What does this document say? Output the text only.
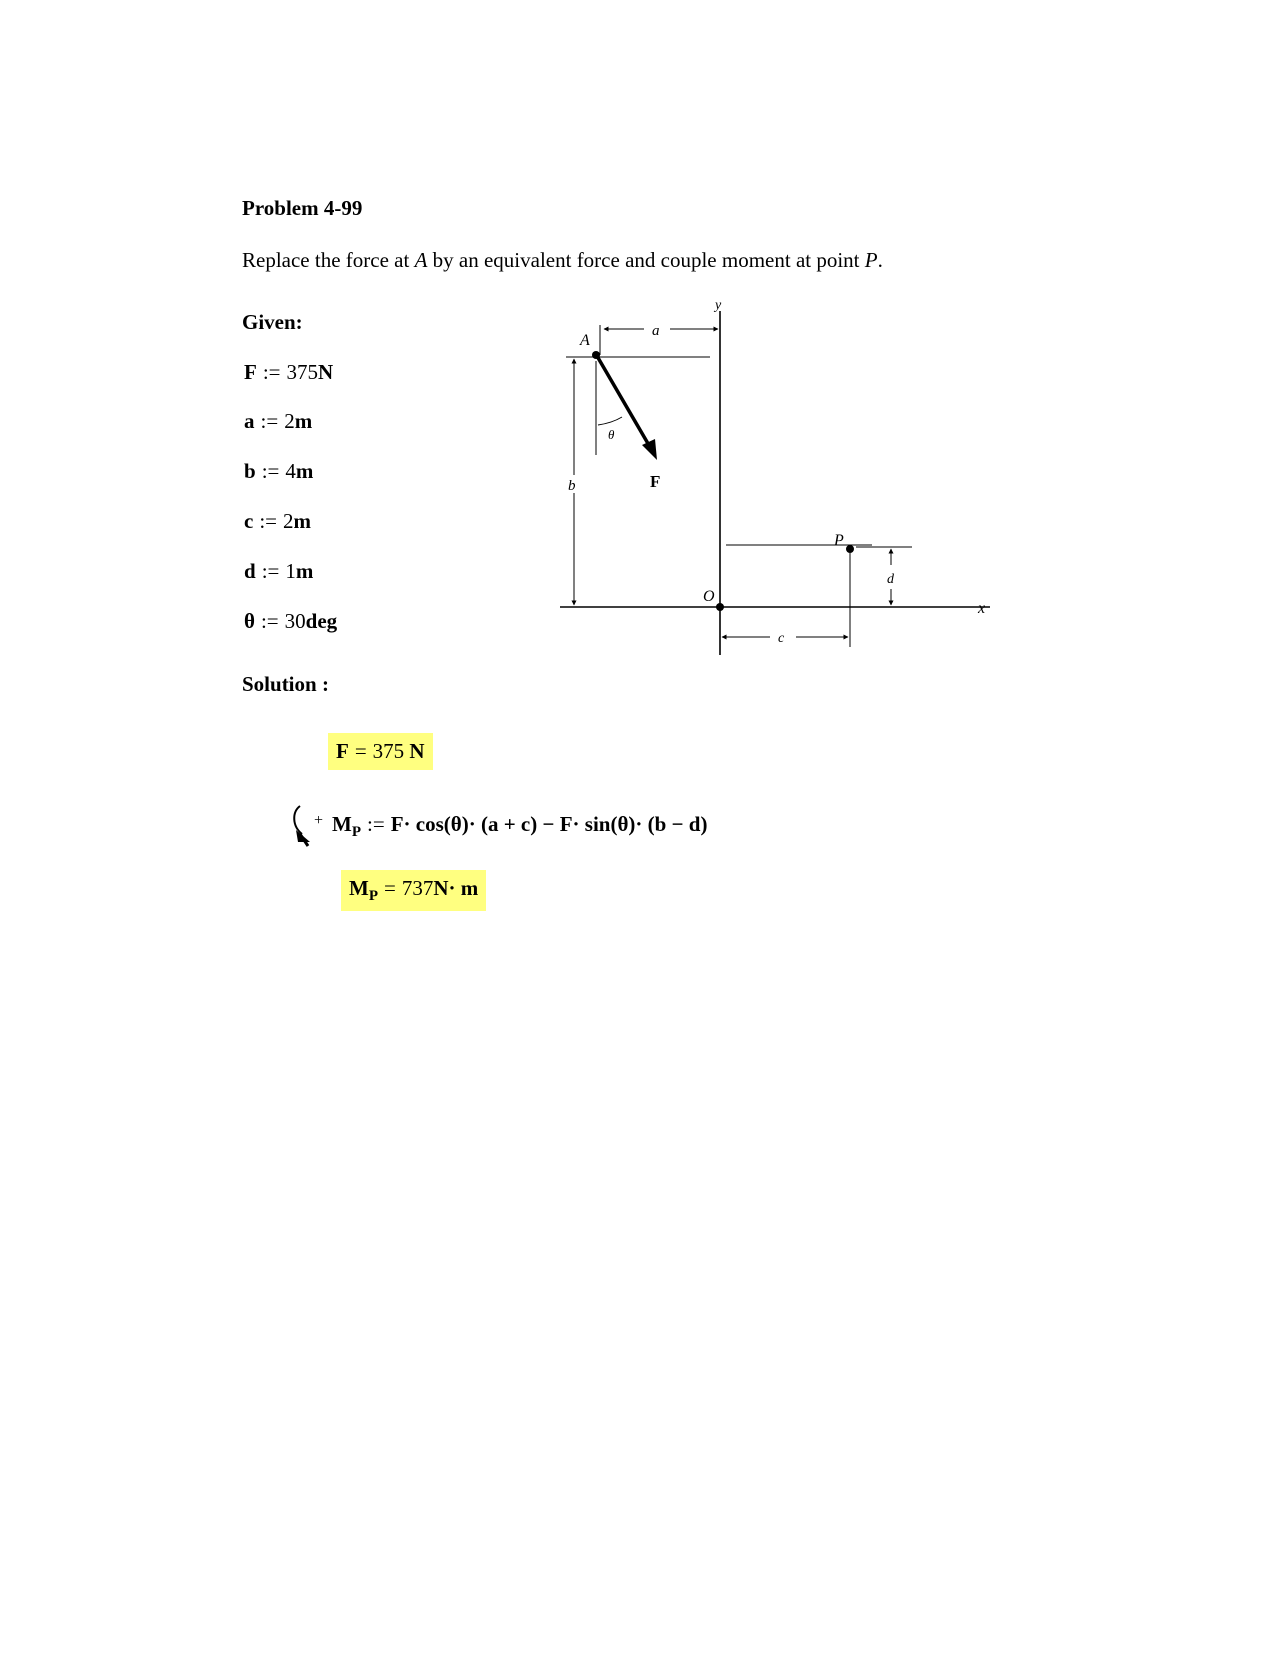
Problem 4-99
Replace the force at A by an equivalent force and couple moment at point P.
Given:
F := 375N
a := 2m
b := 4m
c := 2m
d := 1m
θ := 30deg
Solution :
F = 375 N
+ $M_P$ := F· cos(θ)· (a + c) − F· sin(θ)· (b − d)
$M_P = 737N\cdot m$
y
x
a
A
b
θ
F
P
d
O
c
